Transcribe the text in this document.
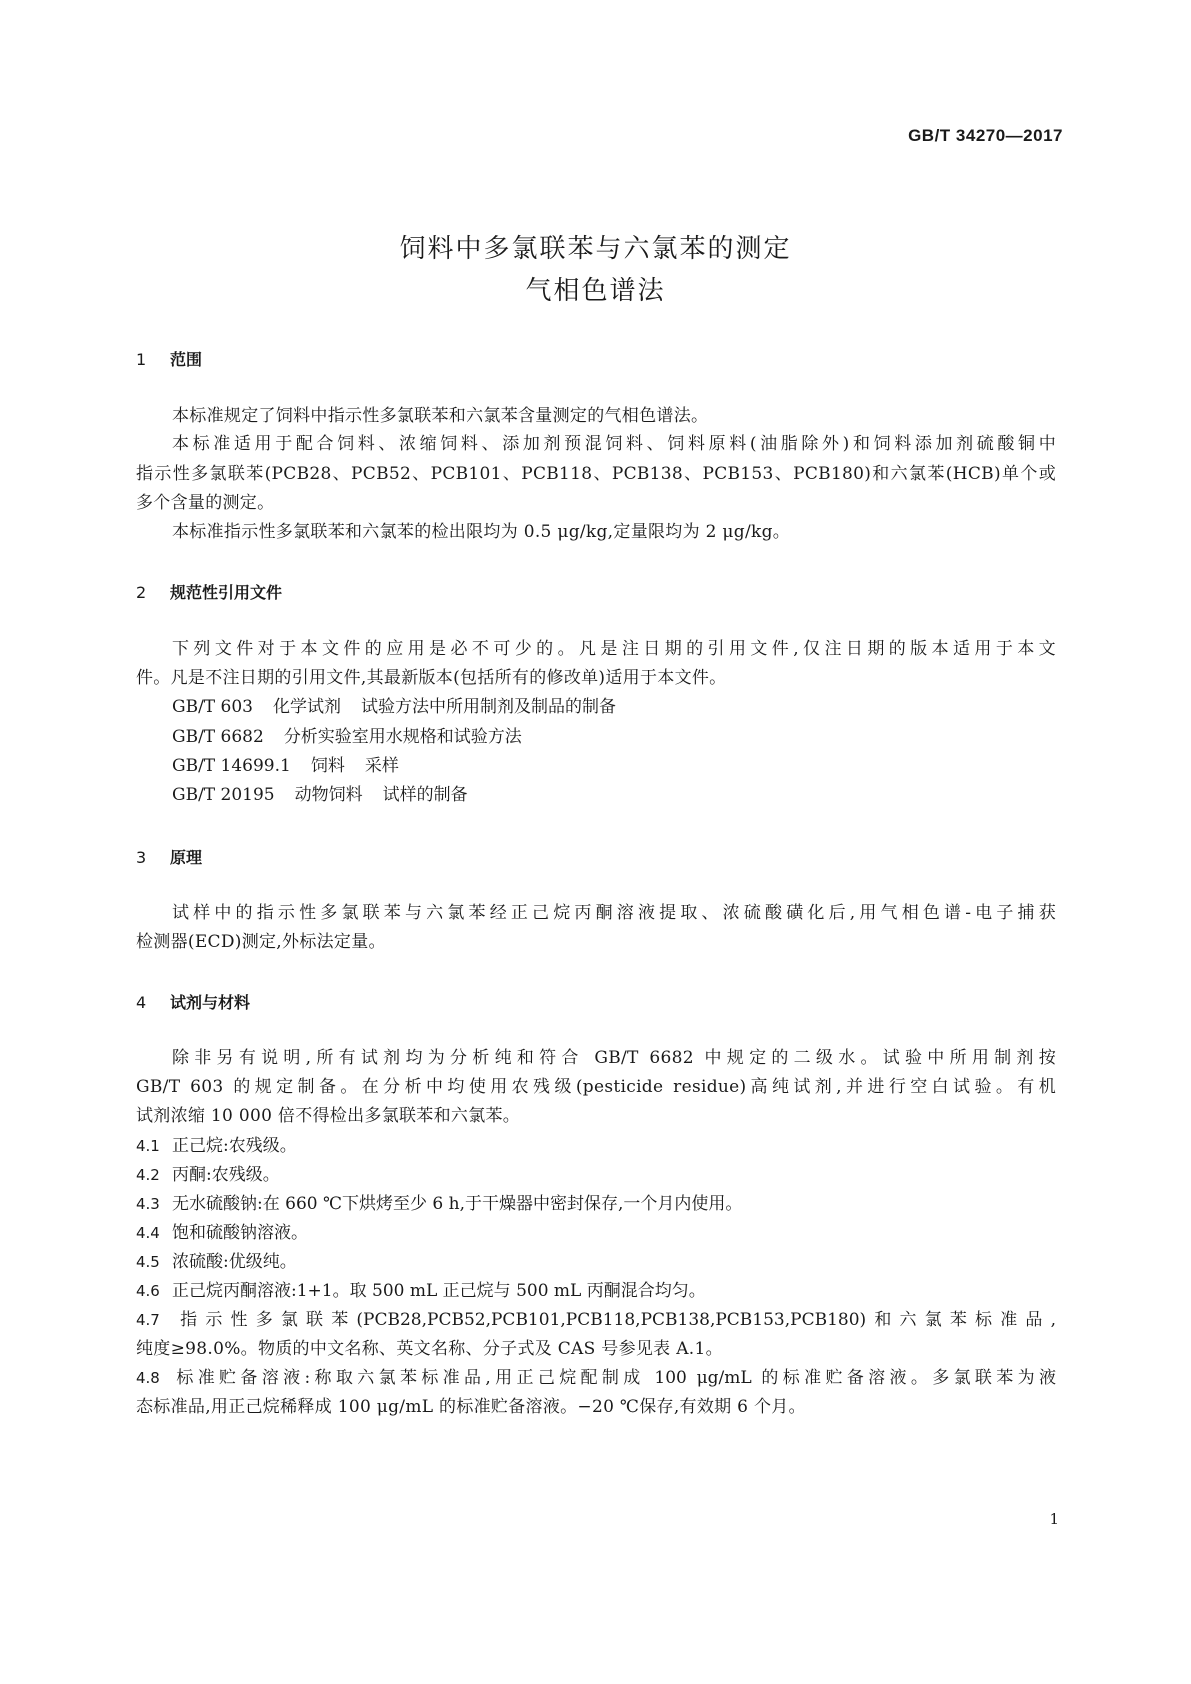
GB/T 34270—2017
饲料中多氯联苯与六氯苯的测定
气相色谱法
1 范围
本标准规定了饲料中指示性多氯联苯和六氯苯含量测定的气相色谱法。
本标准适用于配合饲料、浓缩饲料、添加剂预混饲料、饲料原料(油脂除外)和饲料添加剂硫酸铜中
指示性多氯联苯(PCB28、PCB52、PCB101、PCB118、PCB138、PCB153、PCB180)和六氯苯(HCB)单个或
多个含量的测定。
本标准指示性多氯联苯和六氯苯的检出限均为 0.5 μg/kg,定量限均为 2 μg/kg。
2 规范性引用文件
下列文件对于本文件的应用是必不可少的。凡是注日期的引用文件,仅注日期的版本适用于本文
件。凡是不注日期的引用文件,其最新版本(包括所有的修改单)适用于本文件。
GB/T 603 化学试剂 试验方法中所用制剂及制品的制备
GB/T 6682 分析实验室用水规格和试验方法
GB/T 14699.1 饲料 采样
GB/T 20195 动物饲料 试样的制备
3 原理
试样中的指示性多氯联苯与六氯苯经正己烷丙酮溶液提取、浓硫酸磺化后,用气相色谱-电子捕获
检测器(ECD)测定,外标法定量。
4 试剂与材料
除非另有说明,所有试剂均为分析纯和符合 GB/T 6682 中规定的二级水。试验中所用制剂按
GB/T 603 的规定制备。在分析中均使用农残级(pesticide residue)高纯试剂,并进行空白试验。有机
试剂浓缩 10 000 倍不得检出多氯联苯和六氯苯。
4.1 正己烷:农残级。
4.2 丙酮:农残级。
4.3 无水硫酸钠:在 660 ℃下烘烤至少 6 h,于干燥器中密封保存,一个月内使用。
4.4 饱和硫酸钠溶液。
4.5 浓硫酸:优级纯。
4.6 正己烷丙酮溶液:1+1。取 500 mL 正己烷与 500 mL 丙酮混合均匀。
4.7 指示性多氯联苯(PCB28,PCB52,PCB101,PCB118,PCB138,PCB153,PCB180)和六氯苯标准品,
纯度≥98.0%。物质的中文名称、英文名称、分子式及 CAS 号参见表 A.1。
4.8 标准贮备溶液:称取六氯苯标准品,用正己烷配制成 100 μg/mL 的标准贮备溶液。多氯联苯为液
态标准品,用正己烷稀释成 100 μg/mL 的标准贮备溶液。−20 ℃保存,有效期 6 个月。
1
